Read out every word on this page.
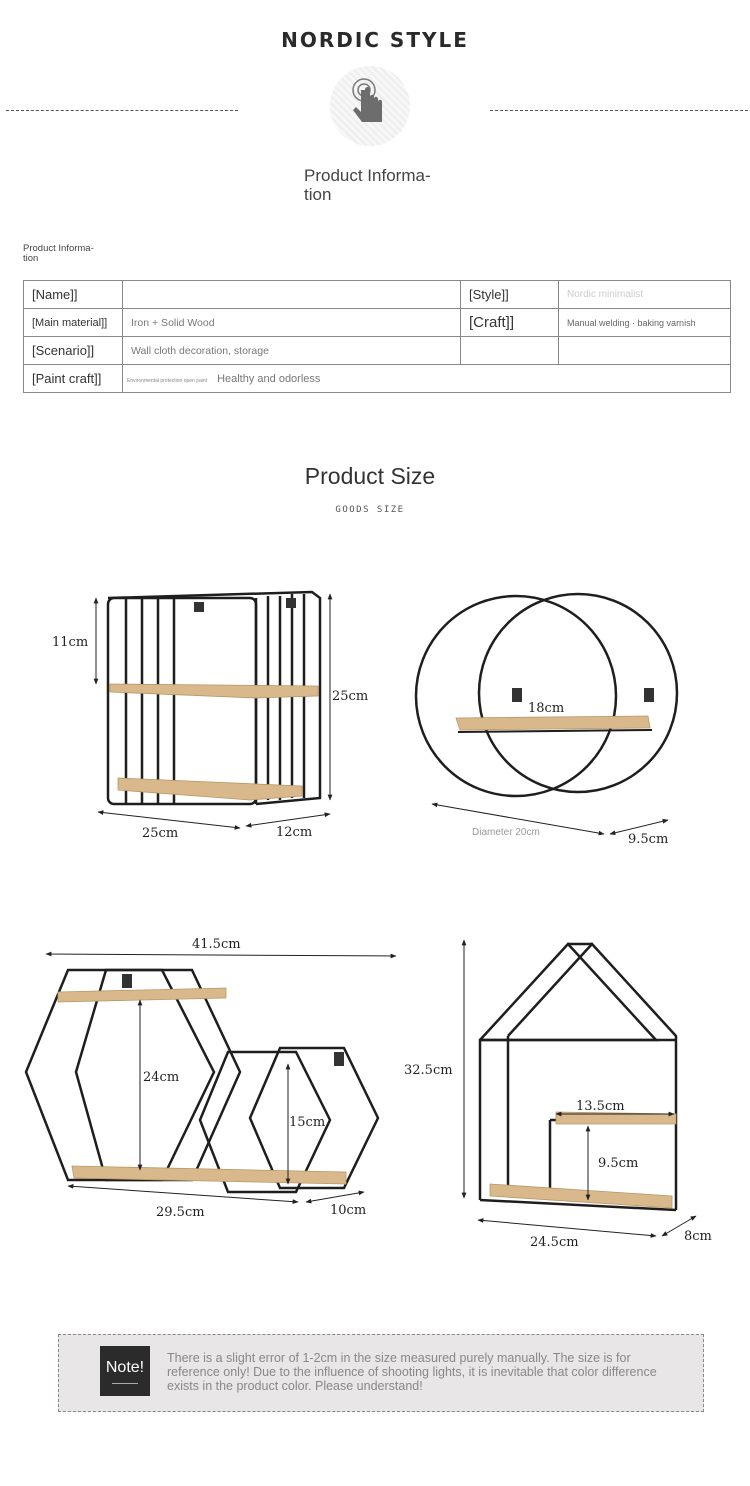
NORDIC STYLE
Product Informa-
tion
Product Informa-
tion
[Name]]		[Style]]	Nordic minimalist
[Main material]]	Iron + Solid Wood	[Craft]]	Manual welding · baking varnish
[Scenario]]	Wall cloth decoration, storage		
[Paint craft]]	Environmental protection open paint Healthy and odorless		
Product Size
GOODS SIZE
11cm
25cm
25cm	12cm
18cm
Diameter 20cm	9.5cm
41.5cm
24cm
15cm
29.5cm	10cm
32.5cm
13.5cm
9.5cm
24.5cm	8cm
Note!
There is a slight error of 1-2cm in the size measured purely manually. The size is for reference only! Due to the influence of shooting lights, it is inevitable that color difference exists in the product color. Please understand!
